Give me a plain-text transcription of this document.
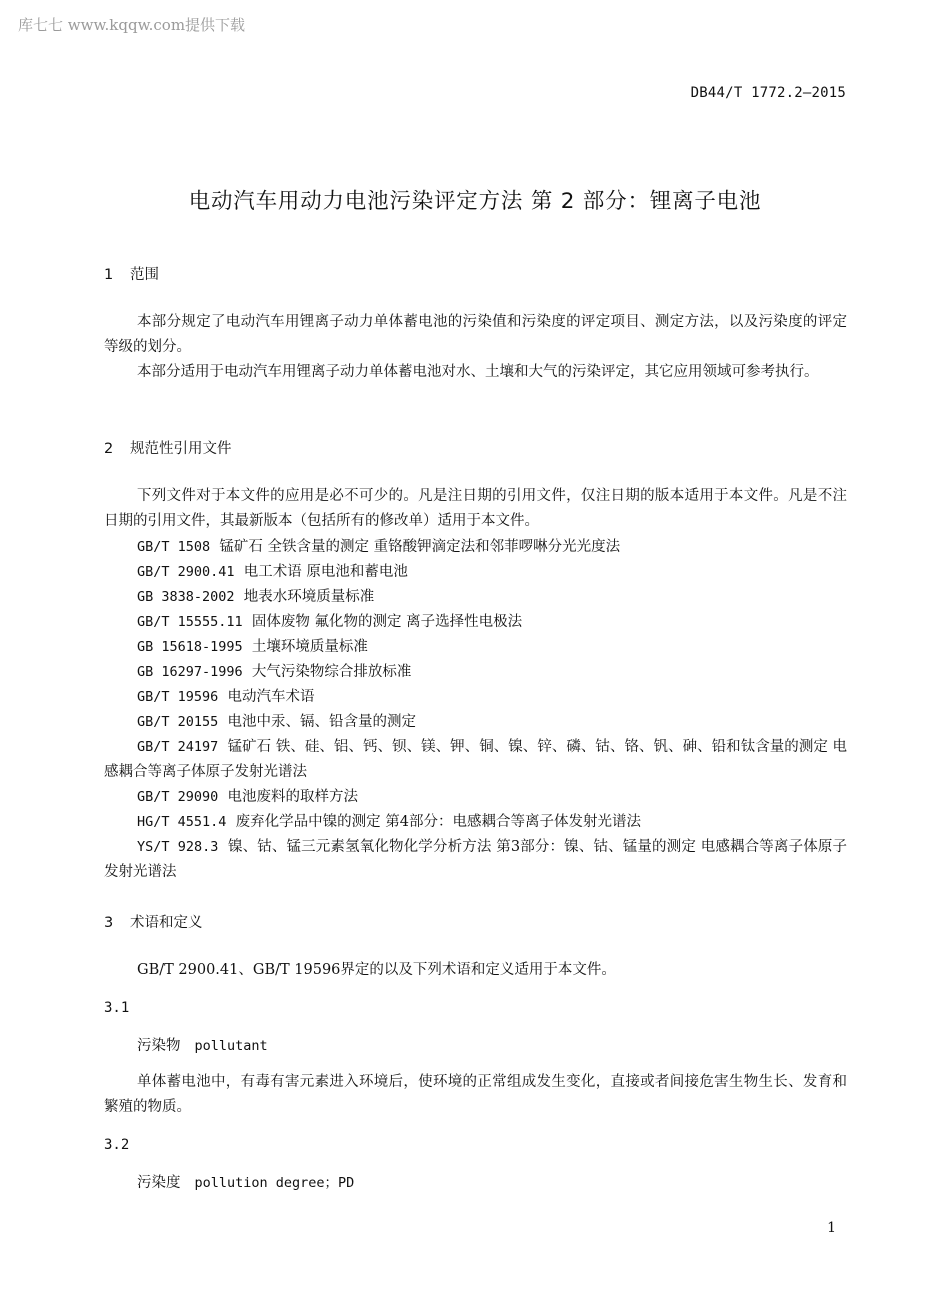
库七七 www.kqqw.com提供下载
DB44/T 1772.2—2015
电动汽车用动力电池污染评定方法 第 2 部分：锂离子电池
1 范围
本部分规定了电动汽车用锂离子动力单体蓄电池的污染值和污染度的评定项目、测定方法，以及污染度的评定等级的划分。
本部分适用于电动汽车用锂离子动力单体蓄电池对水、土壤和大气的污染评定，其它应用领域可参考执行。
2 规范性引用文件
下列文件对于本文件的应用是必不可少的。凡是注日期的引用文件，仅注日期的版本适用于本文件。凡是不注日期的引用文件，其最新版本（包括所有的修改单）适用于本文件。
GB/T 1508 锰矿石 全铁含量的测定 重铬酸钾滴定法和邻菲啰啉分光光度法
GB/T 2900.41 电工术语 原电池和蓄电池
GB 3838-2002 地表水环境质量标准
GB/T 15555.11 固体废物 氟化物的测定 离子选择性电极法
GB 15618-1995 土壤环境质量标准
GB 16297-1996 大气污染物综合排放标准
GB/T 19596 电动汽车术语
GB/T 20155 电池中汞、镉、铅含量的测定
GB/T 24197 锰矿石 铁、硅、铝、钙、钡、镁、钾、铜、镍、锌、磷、钴、铬、钒、砷、铅和钛含量的测定 电感耦合等离子体原子发射光谱法
GB/T 29090 电池废料的取样方法
HG/T 4551.4 废弃化学品中镍的测定 第4部分：电感耦合等离子体发射光谱法
YS/T 928.3 镍、钴、锰三元素氢氧化物化学分析方法 第3部分：镍、钴、锰量的测定 电感耦合等离子体原子发射光谱法
3 术语和定义
GB/T 2900.41、GB/T 19596界定的以及下列术语和定义适用于本文件。
3.1
污染物 pollutant
单体蓄电池中，有毒有害元素进入环境后，使环境的正常组成发生变化，直接或者间接危害生物生长、发育和繁殖的物质。
3.2
污染度 pollution degree；PD
1
